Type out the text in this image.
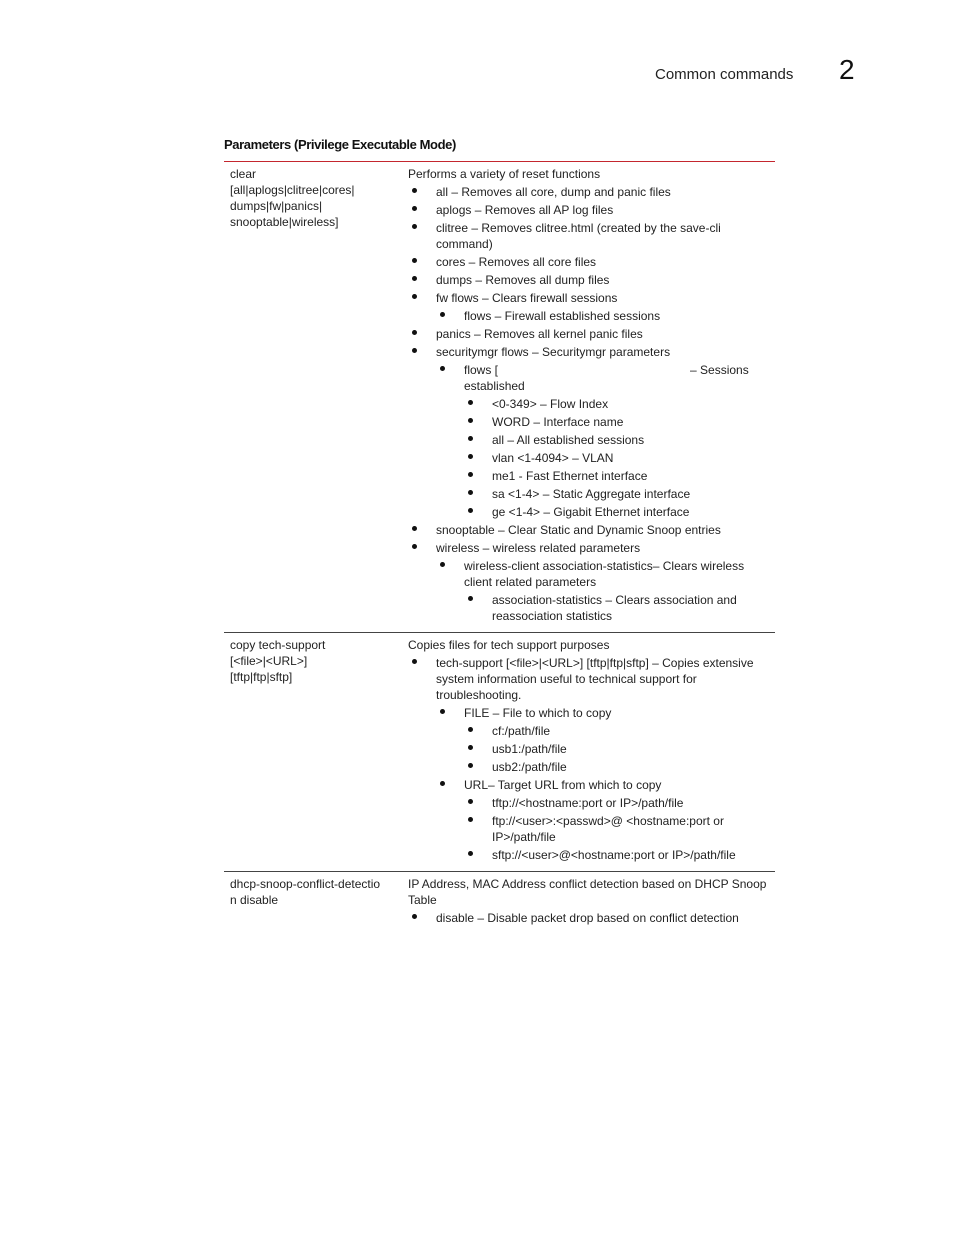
Common commands 2
Parameters (Privilege Executable Mode)
clear
[all|aplogs|clitree|cores|
dumps|fw|panics|
snooptable|wireless]
Performs a variety of reset functions
all – Removes all core, dump and panic files
aplogs – Removes all AP log files
clitree – Removes clitree.html (created by the save-cli command)
cores – Removes all core files
dumps – Removes all dump files
fw flows – Clears firewall sessions
flows – Firewall established sessions
panics – Removes all kernel panic files
securitymgr flows – Securitymgr parameters
flows [	– Sessions established
<0-349> – Flow Index
WORD – Interface name
all – All established sessions
vlan <1-4094> – VLAN
me1 - Fast Ethernet interface
sa <1-4> – Static Aggregate interface
ge <1-4> – Gigabit Ethernet interface
snooptable – Clear Static and Dynamic Snoop entries
wireless – wireless related parameters
wireless-client association-statistics– Clears wireless client related parameters
association-statistics – Clears association and reassociation statistics
copy tech-support
[<file>|<URL>]
[tftp|ftp|sftp]
Copies files for tech support purposes
tech-support [<file>|<URL>] [tftp|ftp|sftp] – Copies extensive system information useful to technical support for troubleshooting.
FILE – File to which to copy
cf:/path/file
usb1:/path/file
usb2:/path/file
URL– Target URL from which to copy
tftp://<hostname:port or IP>/path/file
ftp://<user>:<passwd>@ <hostname:port or IP>/path/file
sftp://<user>@<hostname:port or IP>/path/file
dhcp-snoop-conflict-detectio
n disable
IP Address, MAC Address conflict detection based on DHCP Snoop Table
disable – Disable packet drop based on conflict detection
